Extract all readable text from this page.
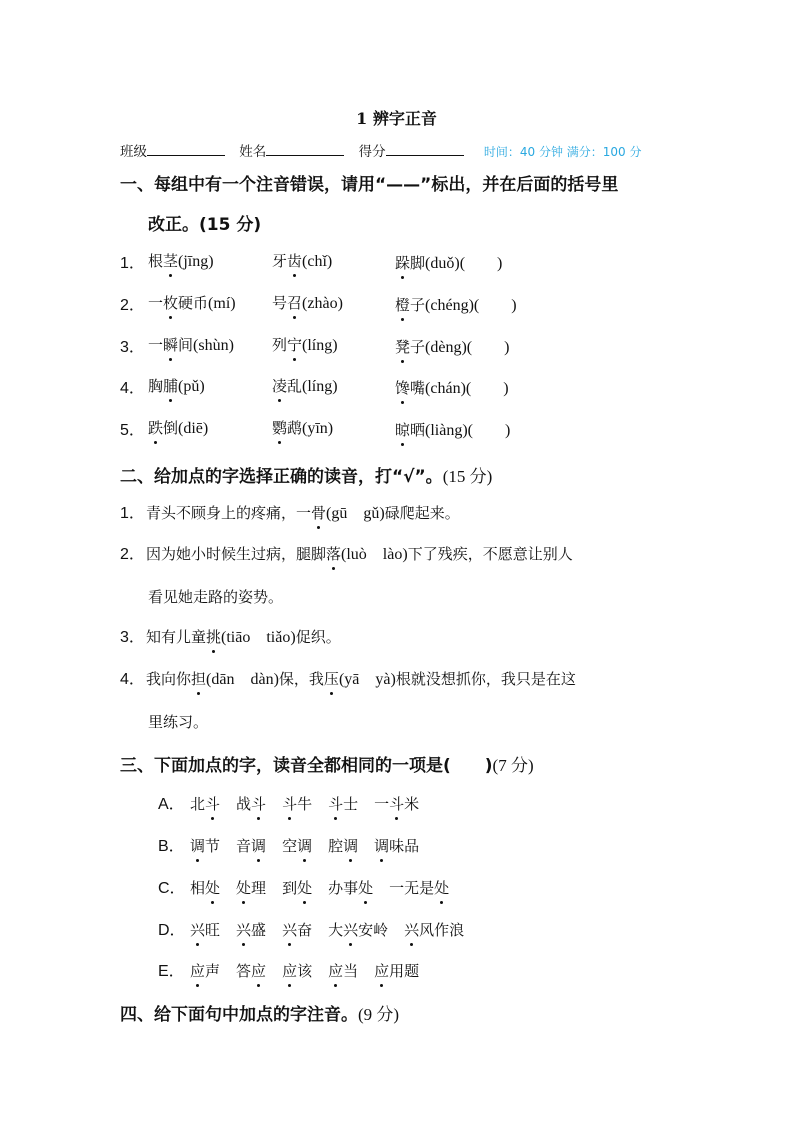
1 辨字正音
班级	姓名	得分	时间：40 分钟 满分：100 分
一、每组中有一个注音错误，请用“——”标出，并在后面的括号里
改正。(15 分)
1． 根茎(jīng)	牙齿(chǐ)	跺脚(duǒ)(　　)
2． 一枚硬币(mí) 号召(zhào)	橙子(chéng)(　　)
3． 一瞬间(shùn)	列宁(líng)	凳子(dèng)(　　)
4． 胸脯(pǔ)	凌乱(líng)	馋嘴(chán)(　　)
5． 跌倒(diē)	鹦鹉(yīn)	晾晒(liàng)(　　)
二、给加点的字选择正确的读音，打“√”。(15 分)
1．青头不顾身上的疼痛，一骨(gū　gǔ)碌爬起来。
2．因为她小时候生过病，腿脚落(luò　lào)下了残疾，不愿意让别人
看见她走路的姿势。
3．知有儿童挑(tiāo　tiǎo)促织。
4．我向你担(dān　dàn)保，我压(yā　yà)根就没想抓你，我只是在这
里练习。
三、下面加点的字，读音全都相同的一项是(　　)(7 分)
A． 北斗 战斗 斗牛 斗士 一斗米
B． 调节 音调 空调 腔调 调味品
C． 相处 处理 到处 办事处 一无是处
D． 兴旺 兴盛 兴奋 大兴安岭 兴风作浪
E． 应声 答应 应该 应当 应用题
四、给下面句中加点的字注音。(9 分)
